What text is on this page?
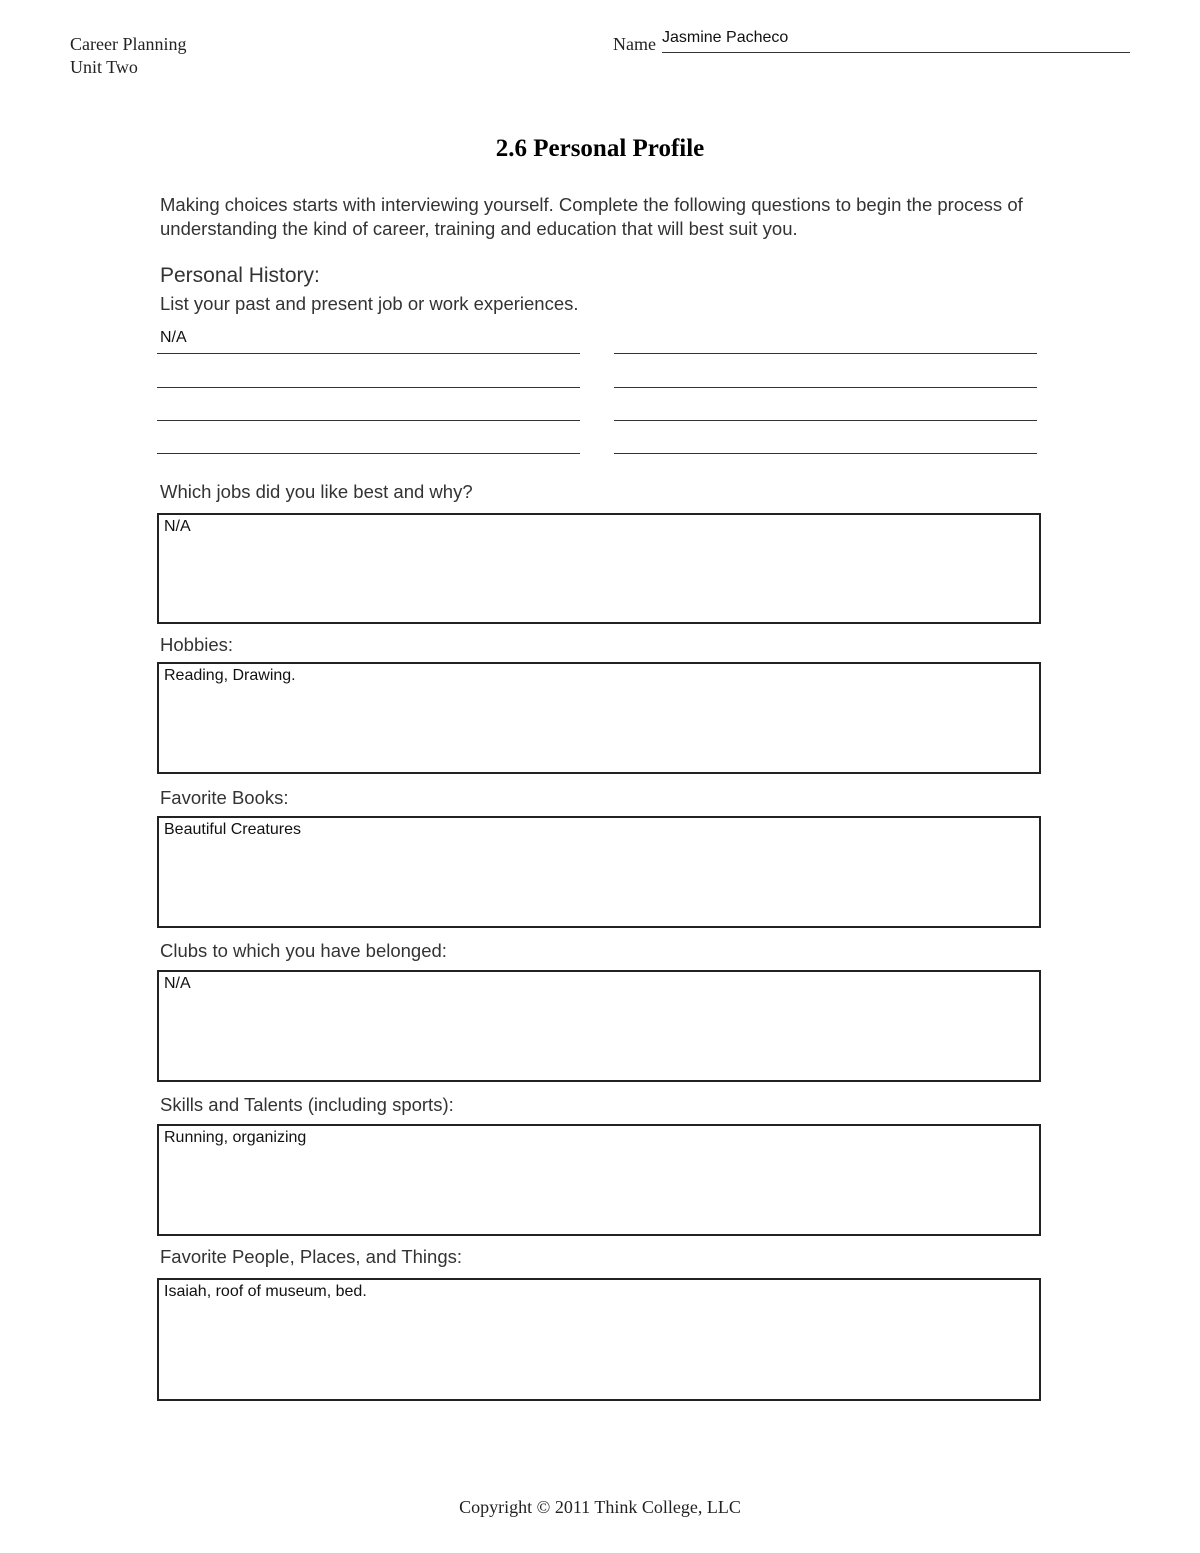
Career Planning
Unit Two
Name Jasmine Pacheco
2.6 Personal Profile
Making choices starts with interviewing yourself. Complete the following questions to begin the process of understanding the kind of career, training and education that will best suit you.
Personal History:
List your past and present job or work experiences.
N/A
Which jobs did you like best and why?
N/A
Hobbies:
Reading, Drawing.
Favorite Books:
Beautiful Creatures
Clubs to which you have belonged:
N/A
Skills and Talents (including sports):
Running, organizing
Favorite People, Places, and Things:
Isaiah, roof of museum, bed.
Copyright © 2011 Think College, LLC
